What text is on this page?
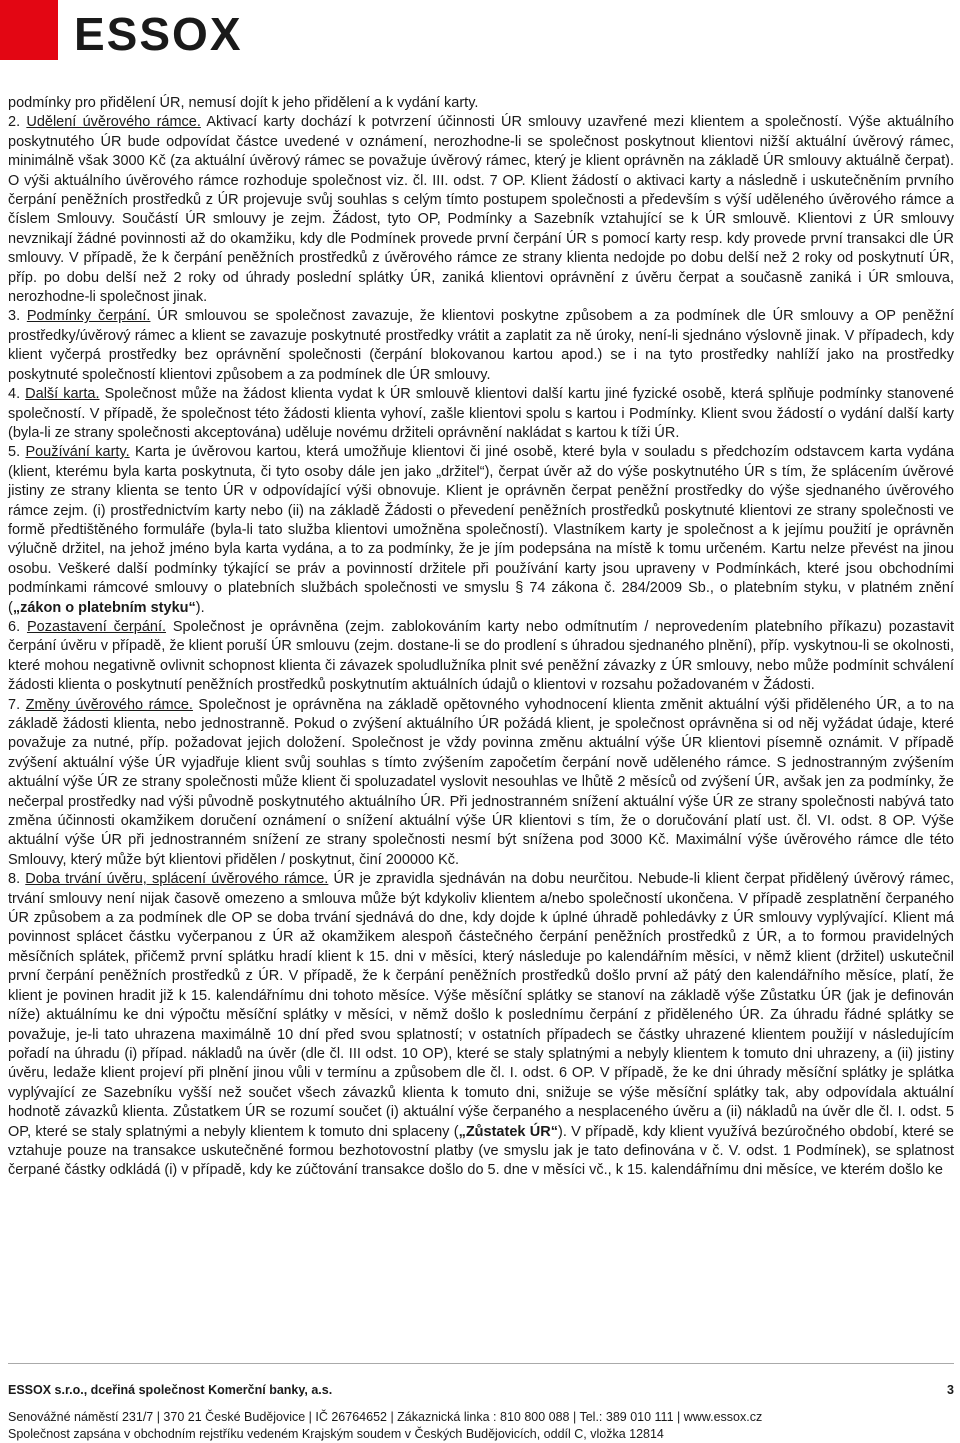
ESSOX

podmínky pro přidělení ÚR, nemusí dojít k jeho přidělení a k vydání karty.

2. Udělení úvěrového rámce. Aktivací karty dochází k potvrzení účinnosti ÚR smlouvy uzavřené mezi klientem a společností. Výše aktuálního poskytnutého ÚR bude odpovídat částce uvedené v oznámení, nerozhodne-li se společnost poskytnout klientovi nižší aktuální úvěrový rámec, minimálně však 3000 Kč (za aktuální úvěrový rámec se považuje úvěrový rámec, který je klient oprávněn na základě ÚR smlouvy aktuálně čerpat). O výši aktuálního úvěrového rámce rozhoduje společnost viz. čl. III. odst. 7 OP. Klient žádostí o aktivaci karty a následně i uskutečněním prvního čerpání peněžních prostředků z ÚR projevuje svůj souhlas s celým tímto postupem společnosti a především s výší uděleného úvěrového rámce a číslem Smlouvy. Součástí ÚR smlouvy je zejm. Žádost, tyto OP, Podmínky a Sazebník vztahující se k ÚR smlouvě. Klientovi z ÚR smlouvy nevznikají žádné povinnosti až do okamžiku, kdy dle Podmínek provede první čerpání ÚR s pomocí karty resp. kdy provede první transakci dle ÚR smlouvy. V případě, že k čerpání peněžních prostředků z úvěrového rámce ze strany klienta nedojde po dobu delší než 2 roky od poskytnutí ÚR, příp. po dobu delší než 2 roky od úhrady poslední splátky ÚR, zaniká klientovi oprávnění z úvěru čerpat a současně zaniká i ÚR smlouva, nerozhodne-li společnost jinak.

3. Podmínky čerpání. ÚR smlouvou se společnost zavazuje, že klientovi poskytne způsobem a za podmínek dle ÚR smlouvy a OP peněžní prostředky/úvěrový rámec a klient se zavazuje poskytnuté prostředky vrátit a zaplatit za ně úroky, není-li sjednáno výslovně jinak. V případech, kdy klient vyčerpá prostředky bez oprávnění společnosti (čerpání blokovanou kartou apod.) se i na tyto prostředky nahlíží jako na prostředky poskytnuté společností klientovi způsobem a za podmínek dle ÚR smlouvy.

4. Další karta. Společnost může na žádost klienta vydat k ÚR smlouvě klientovi další kartu jiné fyzické osobě, která splňuje podmínky stanovené společností. V případě, že společnost této žádosti klienta vyhoví, zašle klientovi spolu s kartou i Podmínky. Klient svou žádostí o vydání další karty (byla-li ze strany společnosti akceptována) uděluje novému držiteli oprávnění nakládat s kartou k tíži ÚR.

5. Používání karty. Karta je úvěrovou kartou, která umožňuje klientovi či jiné osobě, které byla v souladu s předchozím odstavcem karta vydána (klient, kterému byla karta poskytnuta, či tyto osoby dále jen jako „držitel“), čerpat úvěr až do výše poskytnutého ÚR s tím, že splácením úvěrové jistiny ze strany klienta se tento ÚR v odpovídající výši obnovuje. Klient je oprávněn čerpat peněžní prostředky do výše sjednaného úvěrového rámce zejm. (i) prostřednictvím karty nebo (ii) na základě Žádosti o převedení peněžních prostředků poskytnuté klientovi ze strany společnosti ve formě předtištěného formuláře (byla-li tato služba klientovi umožněna společností). Vlastníkem karty je společnost a k jejímu použití je oprávněn výlučně držitel, na jehož jméno byla karta vydána, a to za podmínky, že je jím podepsána na místě k tomu určeném. Kartu nelze převést na jinou osobu. Veškeré další podmínky týkající se práv a povinností držitele při používání karty jsou upraveny v Podmínkách, které jsou obchodními podmínkami rámcové smlouvy o platebních službách společnosti ve smyslu § 74 zákona č. 284/2009 Sb., o platebním styku, v platném znění („zákon o platebním styku“).

6. Pozastavení čerpání. Společnost je oprávněna (zejm. zablokováním karty nebo odmítnutím / neprovedením platebního příkazu) pozastavit čerpání úvěru v případě, že klient poruší ÚR smlouvu (zejm. dostane-li se do prodlení s úhradou sjednaného plnění), příp. vyskytnou-li se okolnosti, které mohou negativně ovlivnit schopnost klienta či závazek spoludlužníka plnit své peněžní závazky z ÚR smlouvy, nebo může podmínit schválení žádosti klienta o poskytnutí peněžních prostředků poskytnutím aktuálních údajů o klientovi v rozsahu požadovaném v Žádosti.

7. Změny úvěrového rámce. Společnost je oprávněna na základě opětovného vyhodnocení klienta změnit aktuální výši přiděleného ÚR, a to na základě žádosti klienta, nebo jednostranně. Pokud o zvýšení aktuálního ÚR požádá klient, je společnost oprávněna si od něj vyžádat údaje, které považuje za nutné, příp. požadovat jejich doložení. Společnost je vždy povinna změnu aktuální výše ÚR klientovi písemně oznámit. V případě zvýšení aktuální výše ÚR vyjadřuje klient svůj souhlas s tímto zvýšením započetím čerpání nově uděleného rámce. S jednostranným zvýšením aktuální výše ÚR ze strany společnosti může klient či spoluzadatel vyslovit nesouhlas ve lhůtě 2 měsíců od zvýšení ÚR, avšak jen za podmínky, že nečerpal prostředky nad výši původně poskytnutého aktuálního ÚR. Při jednostranném snížení aktuální výše ÚR ze strany společnosti nabývá tato změna účinnosti okamžikem doručení oznámení o snížení aktuální výše ÚR klientovi s tím, že o doručování platí ust. čl. VI. odst. 8 OP. Výše aktuální výše ÚR při jednostranném snížení ze strany společnosti nesmí být snížena pod 3000 Kč. Maximální výše úvěrového rámce dle této Smlouvy, který může být klientovi přidělen / poskytnut, činí 200000 Kč.

8. Doba trvání úvěru, splácení úvěrového rámce. ÚR je zpravidla sjednáván na dobu neurčitou. Nebude-li klient čerpat přidělený úvěrový rámec, trvání smlouvy není nijak časově omezeno a smlouva může být kdykoliv klientem a/nebo společností ukončena. V případě zesplatnění čerpaného ÚR způsobem a za podmínek dle OP se doba trvání sjednává do dne, kdy dojde k úplné úhradě pohledávky z ÚR smlouvy vyplývající. Klient má povinnost splácet částku vyčerpanou z ÚR až okamžikem alespoň částečného čerpání peněžních prostředků z ÚR, a to formou pravidelných měsíčních splátek, přičemž první splátku hradí klient k 15. dni v měsíci, který následuje po kalendářním měsíci, v němž klient (držitel) uskutečnil první čerpání peněžních prostředků z ÚR. V případě, že k čerpání peněžních prostředků došlo první až pátý den kalendářního měsíce, platí, že klient je povinen hradit již k 15. kalendářnímu dni tohoto měsíce. Výše měsíční splátky se stanoví na základě výše Zůstatku ÚR (jak je definován níže) aktuálnímu ke dni výpočtu měsíční splátky v měsíci, v němž došlo k poslednímu čerpání z přiděleného ÚR. Za úhradu řádné splátky se považuje, je-li tato uhrazena maximálně 10 dní před svou splatností; v ostatních případech se částky uhrazené klientem použijí v následujícím pořadí na úhradu (i) případ. nákladů na úvěr (dle čl. III odst. 10 OP), které se staly splatnými a nebyly klientem k tomuto dni uhrazeny, a (ii) jistiny úvěru, ledaže klient projeví při plnění jinou vůli v termínu a způsobem dle čl. I. odst. 6 OP. V případě, že ke dni úhrady měsíční splátky je splátka vyplývající ze Sazebníku vyšší než součet všech závazků klienta k tomuto dni, snižuje se výše měsíční splátky tak, aby odpovídala aktuální hodnotě závazků klienta. Zůstatkem ÚR se rozumí součet (i) aktuální výše čerpaného a nesplaceného úvěru a (ii) nákladů na úvěr dle čl. I. odst. 5 OP, které se staly splatnými a nebyly klientem k tomuto dni splaceny („Zůstatek ÚR“). V případě, kdy klient využívá bezúročného období, které se vztahuje pouze na transakce uskutečněné formou bezhotovostní platby (ve smyslu jak je tato definována v č. V. odst. 1 Podmínek), se splatnost čerpané částky odkládá (i) v případě, kdy ke zúčtování transakce došlo do 5. dne v měsíci vč., k 15. kalendářnímu dni měsíce, ve kterém došlo ke

ESSOX s.r.o., dceřiná společnost Komerční banky, a.s.	3
Senovážné náměstí 231/7 | 370 21 České Budějovice | IČ 26764652 | Zákaznická linka : 810 800 088 | Tel.: 389 010 111 | www.essox.cz
Společnost zapsána v obchodním rejstříku vedeném Krajským soudem v Českých Budějovicích, oddíl C, vložka 12814
